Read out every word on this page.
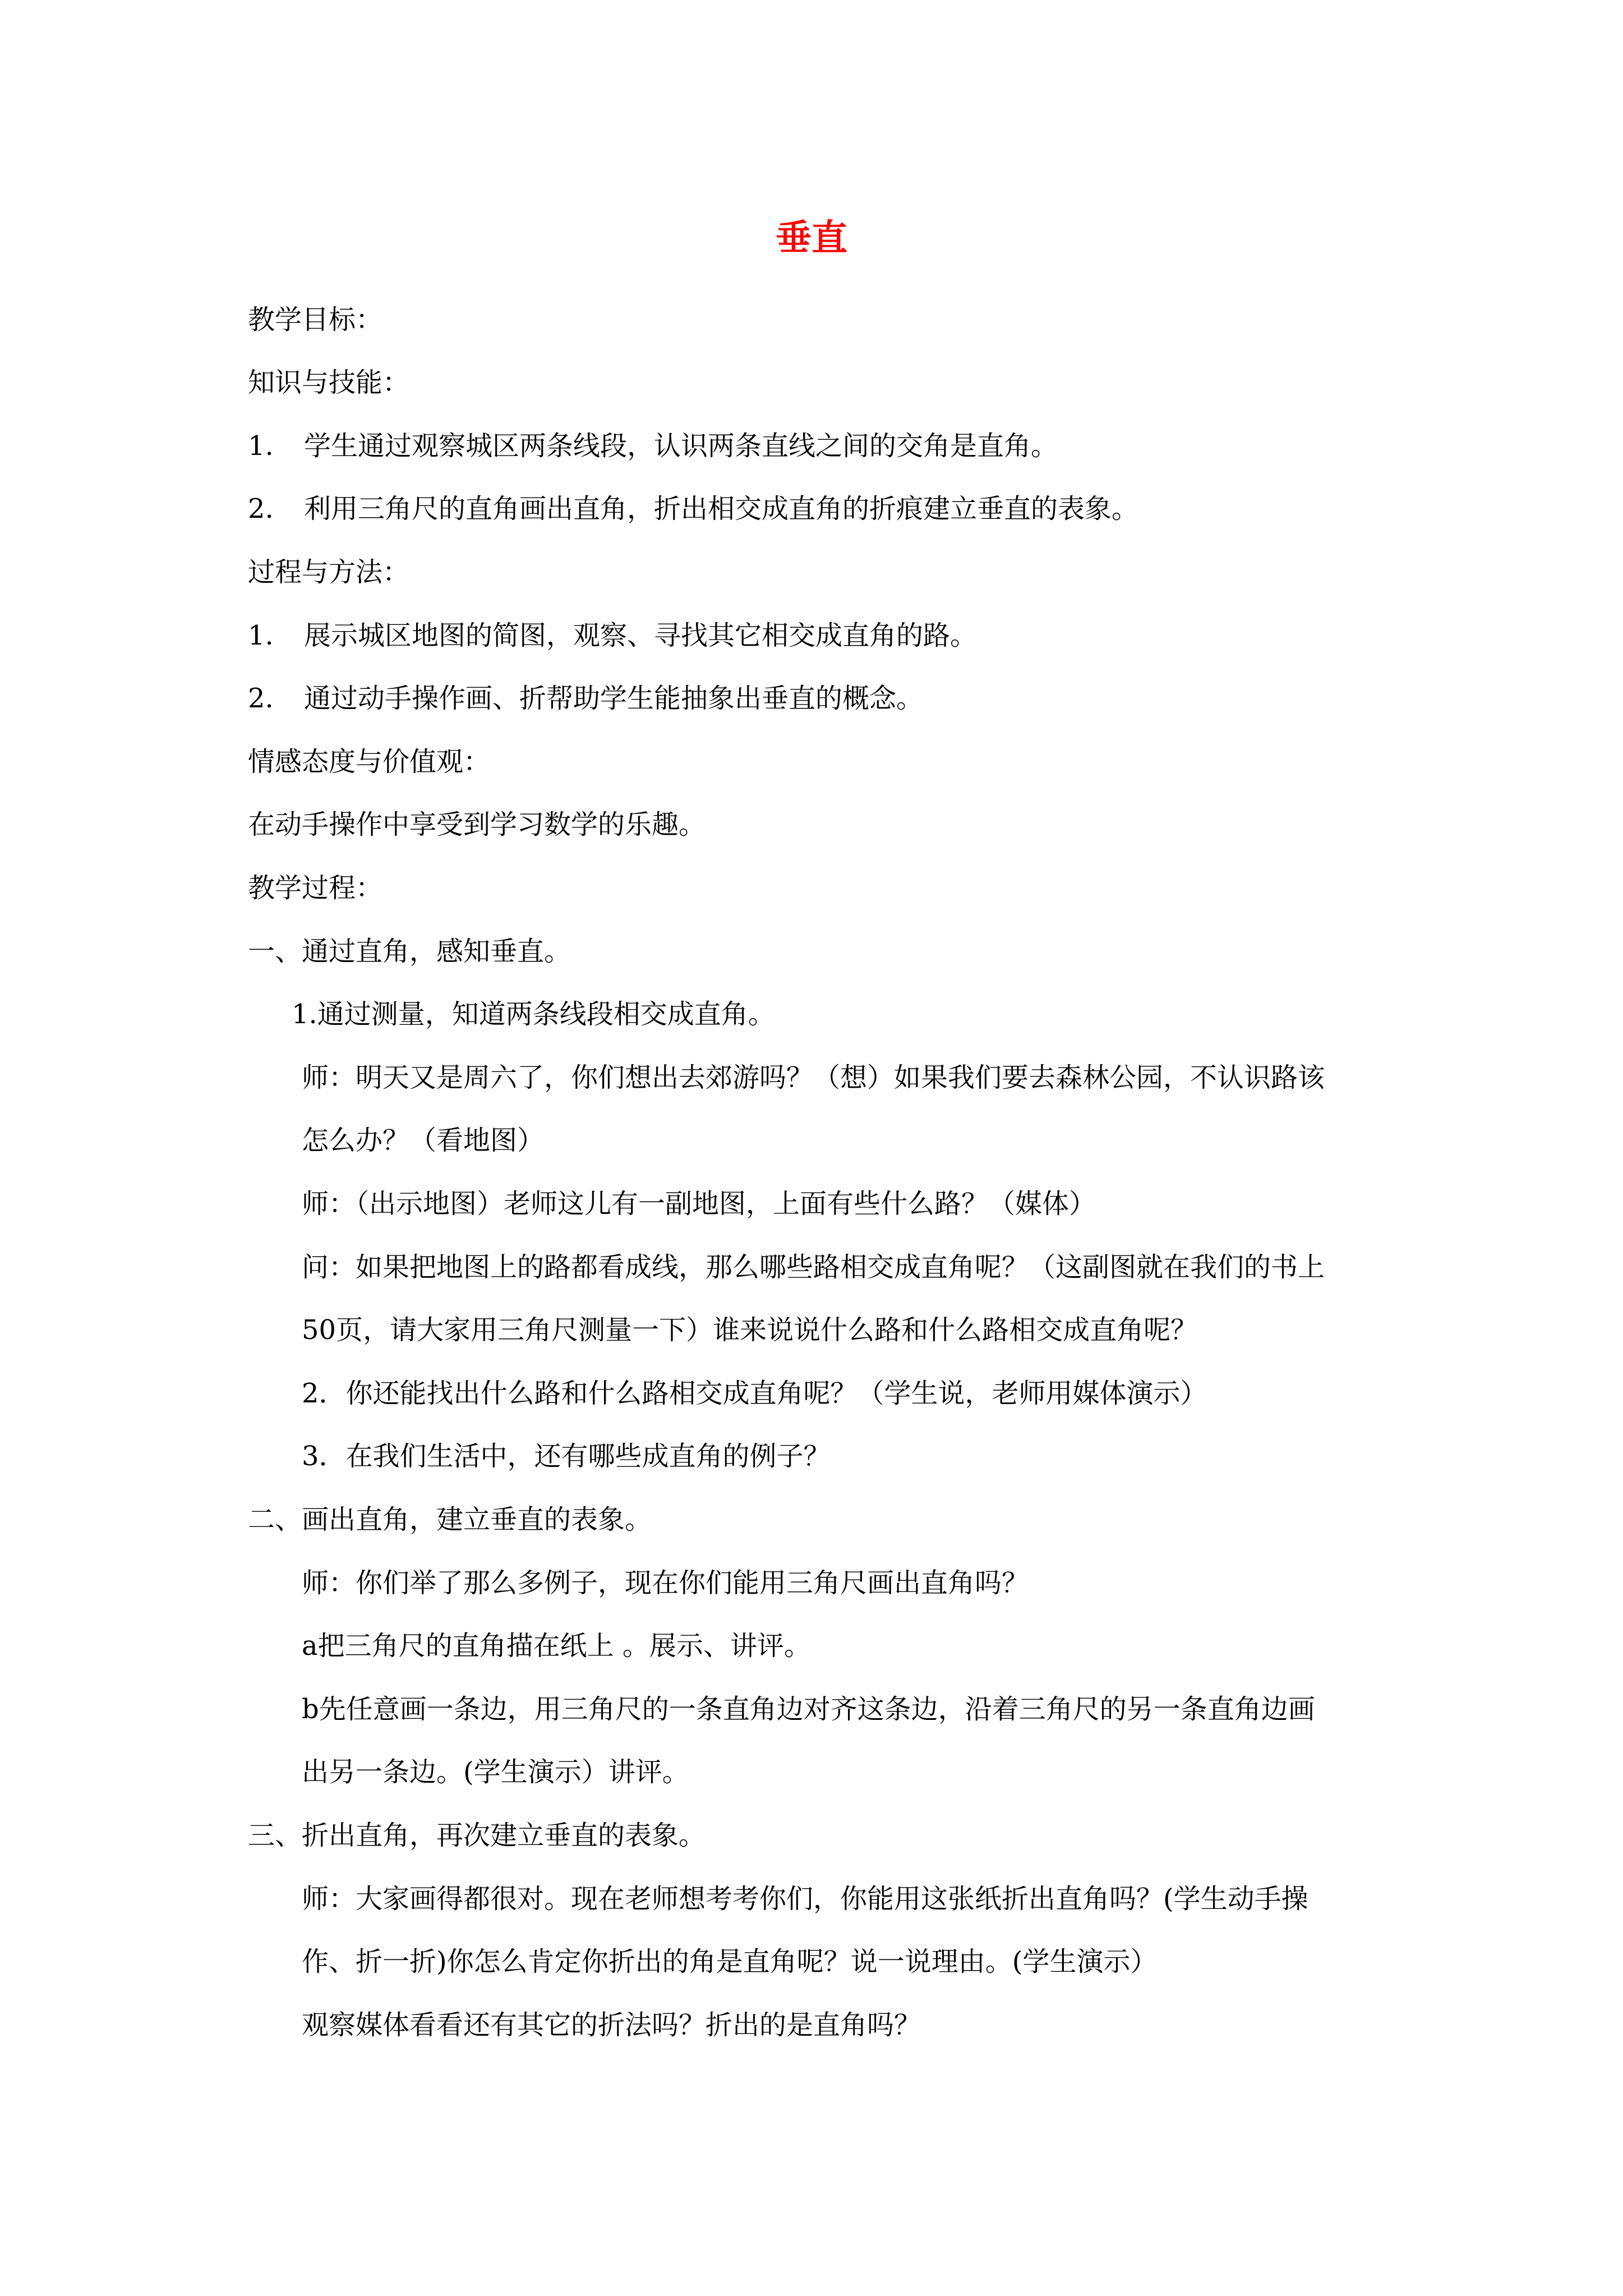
垂直
教学目标：
知识与技能：
1. 学生通过观察城区两条线段，认识两条直线之间的交角是直角。
2. 利用三角尺的直角画出直角，折出相交成直角的折痕建立垂直的表象。
过程与方法：
1. 展示城区地图的简图，观察、寻找其它相交成直角的路。
2. 通过动手操作画、折帮助学生能抽象出垂直的概念。
情感态度与价值观：
在动手操作中享受到学习数学的乐趣。
教学过程：
一、通过直角，感知垂直。
1.通过测量，知道两条线段相交成直角。
师：明天又是周六了，你们想出去郊游吗？（想）如果我们要去森林公园，不认识路该
怎么办？（看地图）
师：（出示地图）老师这儿有一副地图，上面有些什么路？（媒体）
问：如果把地图上的路都看成线，那么哪些路相交成直角呢？（这副图就在我们的书上
50页，请大家用三角尺测量一下）谁来说说什么路和什么路相交成直角呢？
2．你还能找出什么路和什么路相交成直角呢？（学生说，老师用媒体演示）
3．在我们生活中，还有哪些成直角的例子？
二、画出直角，建立垂直的表象。
师：你们举了那么多例子，现在你们能用三角尺画出直角吗？
a把三角尺的直角描在纸上 。展示、讲评。
b先任意画一条边，用三角尺的一条直角边对齐这条边，沿着三角尺的另一条直角边画
出另一条边。(学生演示）讲评。
三、折出直角，再次建立垂直的表象。
师：大家画得都很对。现在老师想考考你们，你能用这张纸折出直角吗？(学生动手操
作、折一折)你怎么肯定你折出的角是直角呢？说一说理由。(学生演示）
观察媒体看看还有其它的折法吗？折出的是直角吗？
